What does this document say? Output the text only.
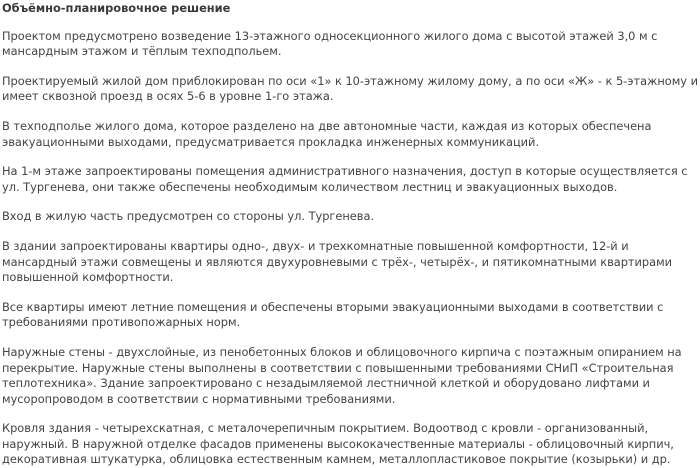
Объёмно-планировочное решение

Проектом предусмотрено возведение 13-этажного односекционного жилого дома с высотой этажей 3,0 м с мансардным этажом и тёплым техподпольем.

Проектируемый жилой дом приблокирован по оси «1» к 10-этажному жилому дому, а по оси «Ж» - к 5-этажному и имеет сквозной проезд в осях 5-6 в уровне 1-го этажа.

В техподполье жилого дома, которое разделено на две автономные части, каждая из которых обеспечена эвакуационными выходами, предусматривается прокладка инженерных коммуникаций.

На 1-м этаже запроектированы помещения административного назначения, доступ в которые осуществляется с ул. Тургенева, они также обеспечены необходимым количеством лестниц и эвакуационных выходов.

Вход в жилую часть предусмотрен со стороны ул. Тургенева.

В здании запроектированы квартиры одно-, двух- и трехкомнатные повышенной комфортности, 12-й и мансардный этажи совмещены и являются двухуровневыми с трёх-, четырёх-, и пятикомнатными квартирами повышенной комфортности.

Все квартиры имеют летние помещения и обеспечены вторыми эвакуационными выходами в соответствии с требованиями противопожарных норм.

Наружные стены - двухслойные, из пенобетонных блоков и облицовочного кирпича с поэтажным опиранием на перекрытие. Наружные стены выполнены в соответствии с повышенными требованиями СНиП «Строительная теплотехника». Здание запроектировано с незадымляемой лестничной клеткой и оборудовано лифтами и мусоропроводом в соответствии с нормативными требованиями.

Кровля здания - четырехскатная, с металочерепичным покрытием. Водоотвод с кровли - организованный, наружный. В наружной отделке фасадов применены высококачественные материалы - облицовочный кирпич, декоративная штукатурка, облицовка естественным камнем, металлопластиковое покрытие (козырьки) и др.
